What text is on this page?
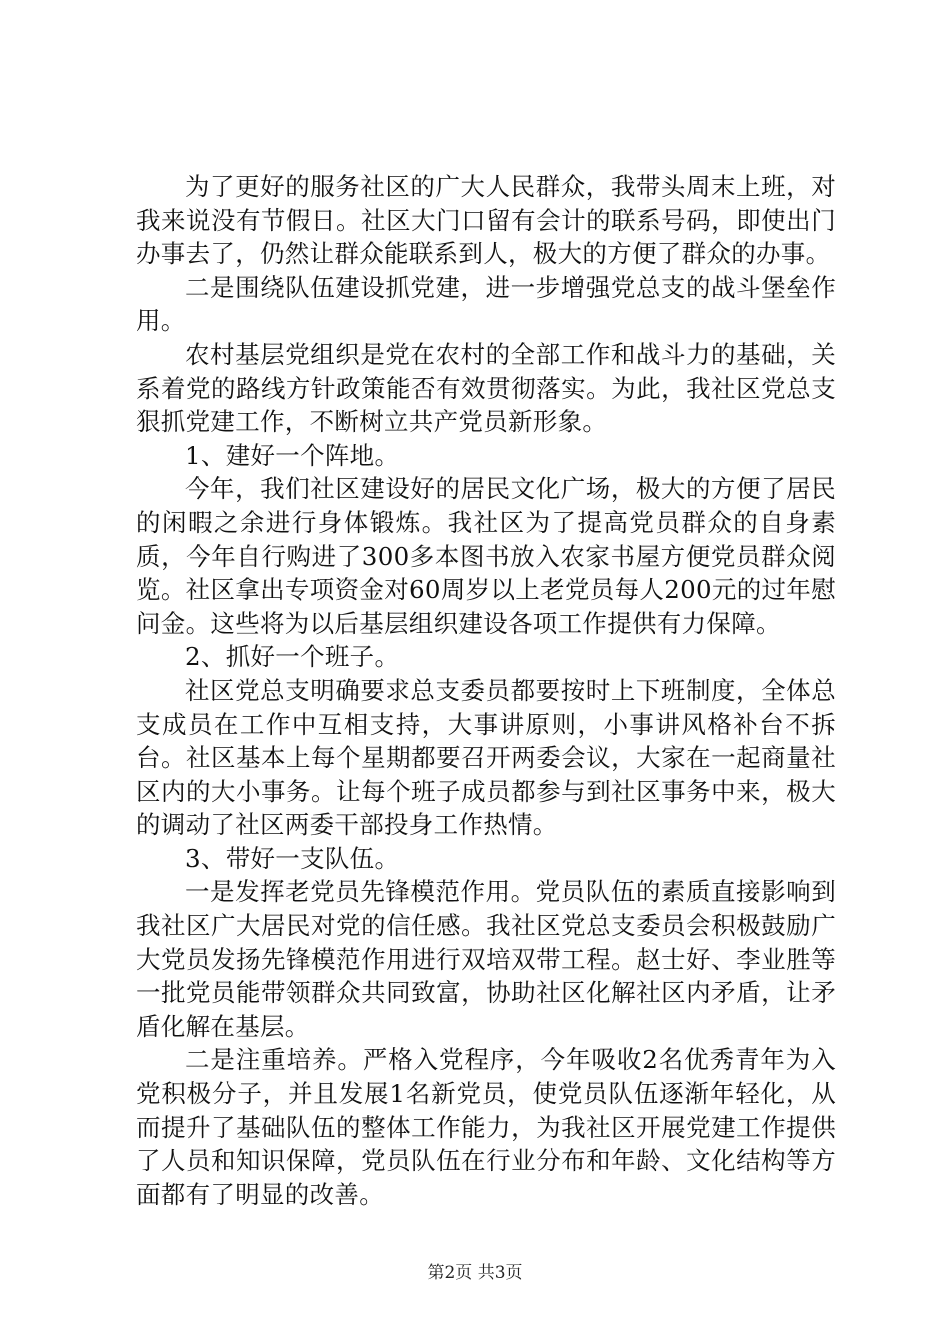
为了更好的服务社区的广大人民群众，我带头周末上班，对我来说没有节假日。社区大门口留有会计的联系号码，即使出门办事去了，仍然让群众能联系到人，极大的方便了群众的办事。

二是围绕队伍建设抓党建，进一步增强党总支的战斗堡垒作用。

农村基层党组织是党在农村的全部工作和战斗力的基础，关系着党的路线方针政策能否有效贯彻落实。为此，我社区党总支狠抓党建工作，不断树立共产党员新形象。

1、建好一个阵地。

今年，我们社区建设好的居民文化广场，极大的方便了居民的闲暇之余进行身体锻炼。我社区为了提高党员群众的自身素质，今年自行购进了300多本图书放入农家书屋方便党员群众阅览。社区拿出专项资金对60周岁以上老党员每人200元的过年慰问金。这些将为以后基层组织建设各项工作提供有力保障。

2、抓好一个班子。

社区党总支明确要求总支委员都要按时上下班制度，全体总支成员在工作中互相支持，大事讲原则，小事讲风格补台不拆台。社区基本上每个星期都要召开两委会议，大家在一起商量社区内的大小事务。让每个班子成员都参与到社区事务中来，极大的调动了社区两委干部投身工作热情。

3、带好一支队伍。

一是发挥老党员先锋模范作用。党员队伍的素质直接影响到我社区广大居民对党的信任感。我社区党总支委员会积极鼓励广大党员发扬先锋模范作用进行双培双带工程。赵士好、李业胜等一批党员能带领群众共同致富，协助社区化解社区内矛盾，让矛盾化解在基层。

二是注重培养。严格入党程序，今年吸收2名优秀青年为入党积极分子，并且发展1名新党员，使党员队伍逐渐年轻化，从而提升了基础队伍的整体工作能力，为我社区开展党建工作提供了人员和知识保障，党员队伍在行业分布和年龄、文化结构等方面都有了明显的改善。

第2页 共3页
